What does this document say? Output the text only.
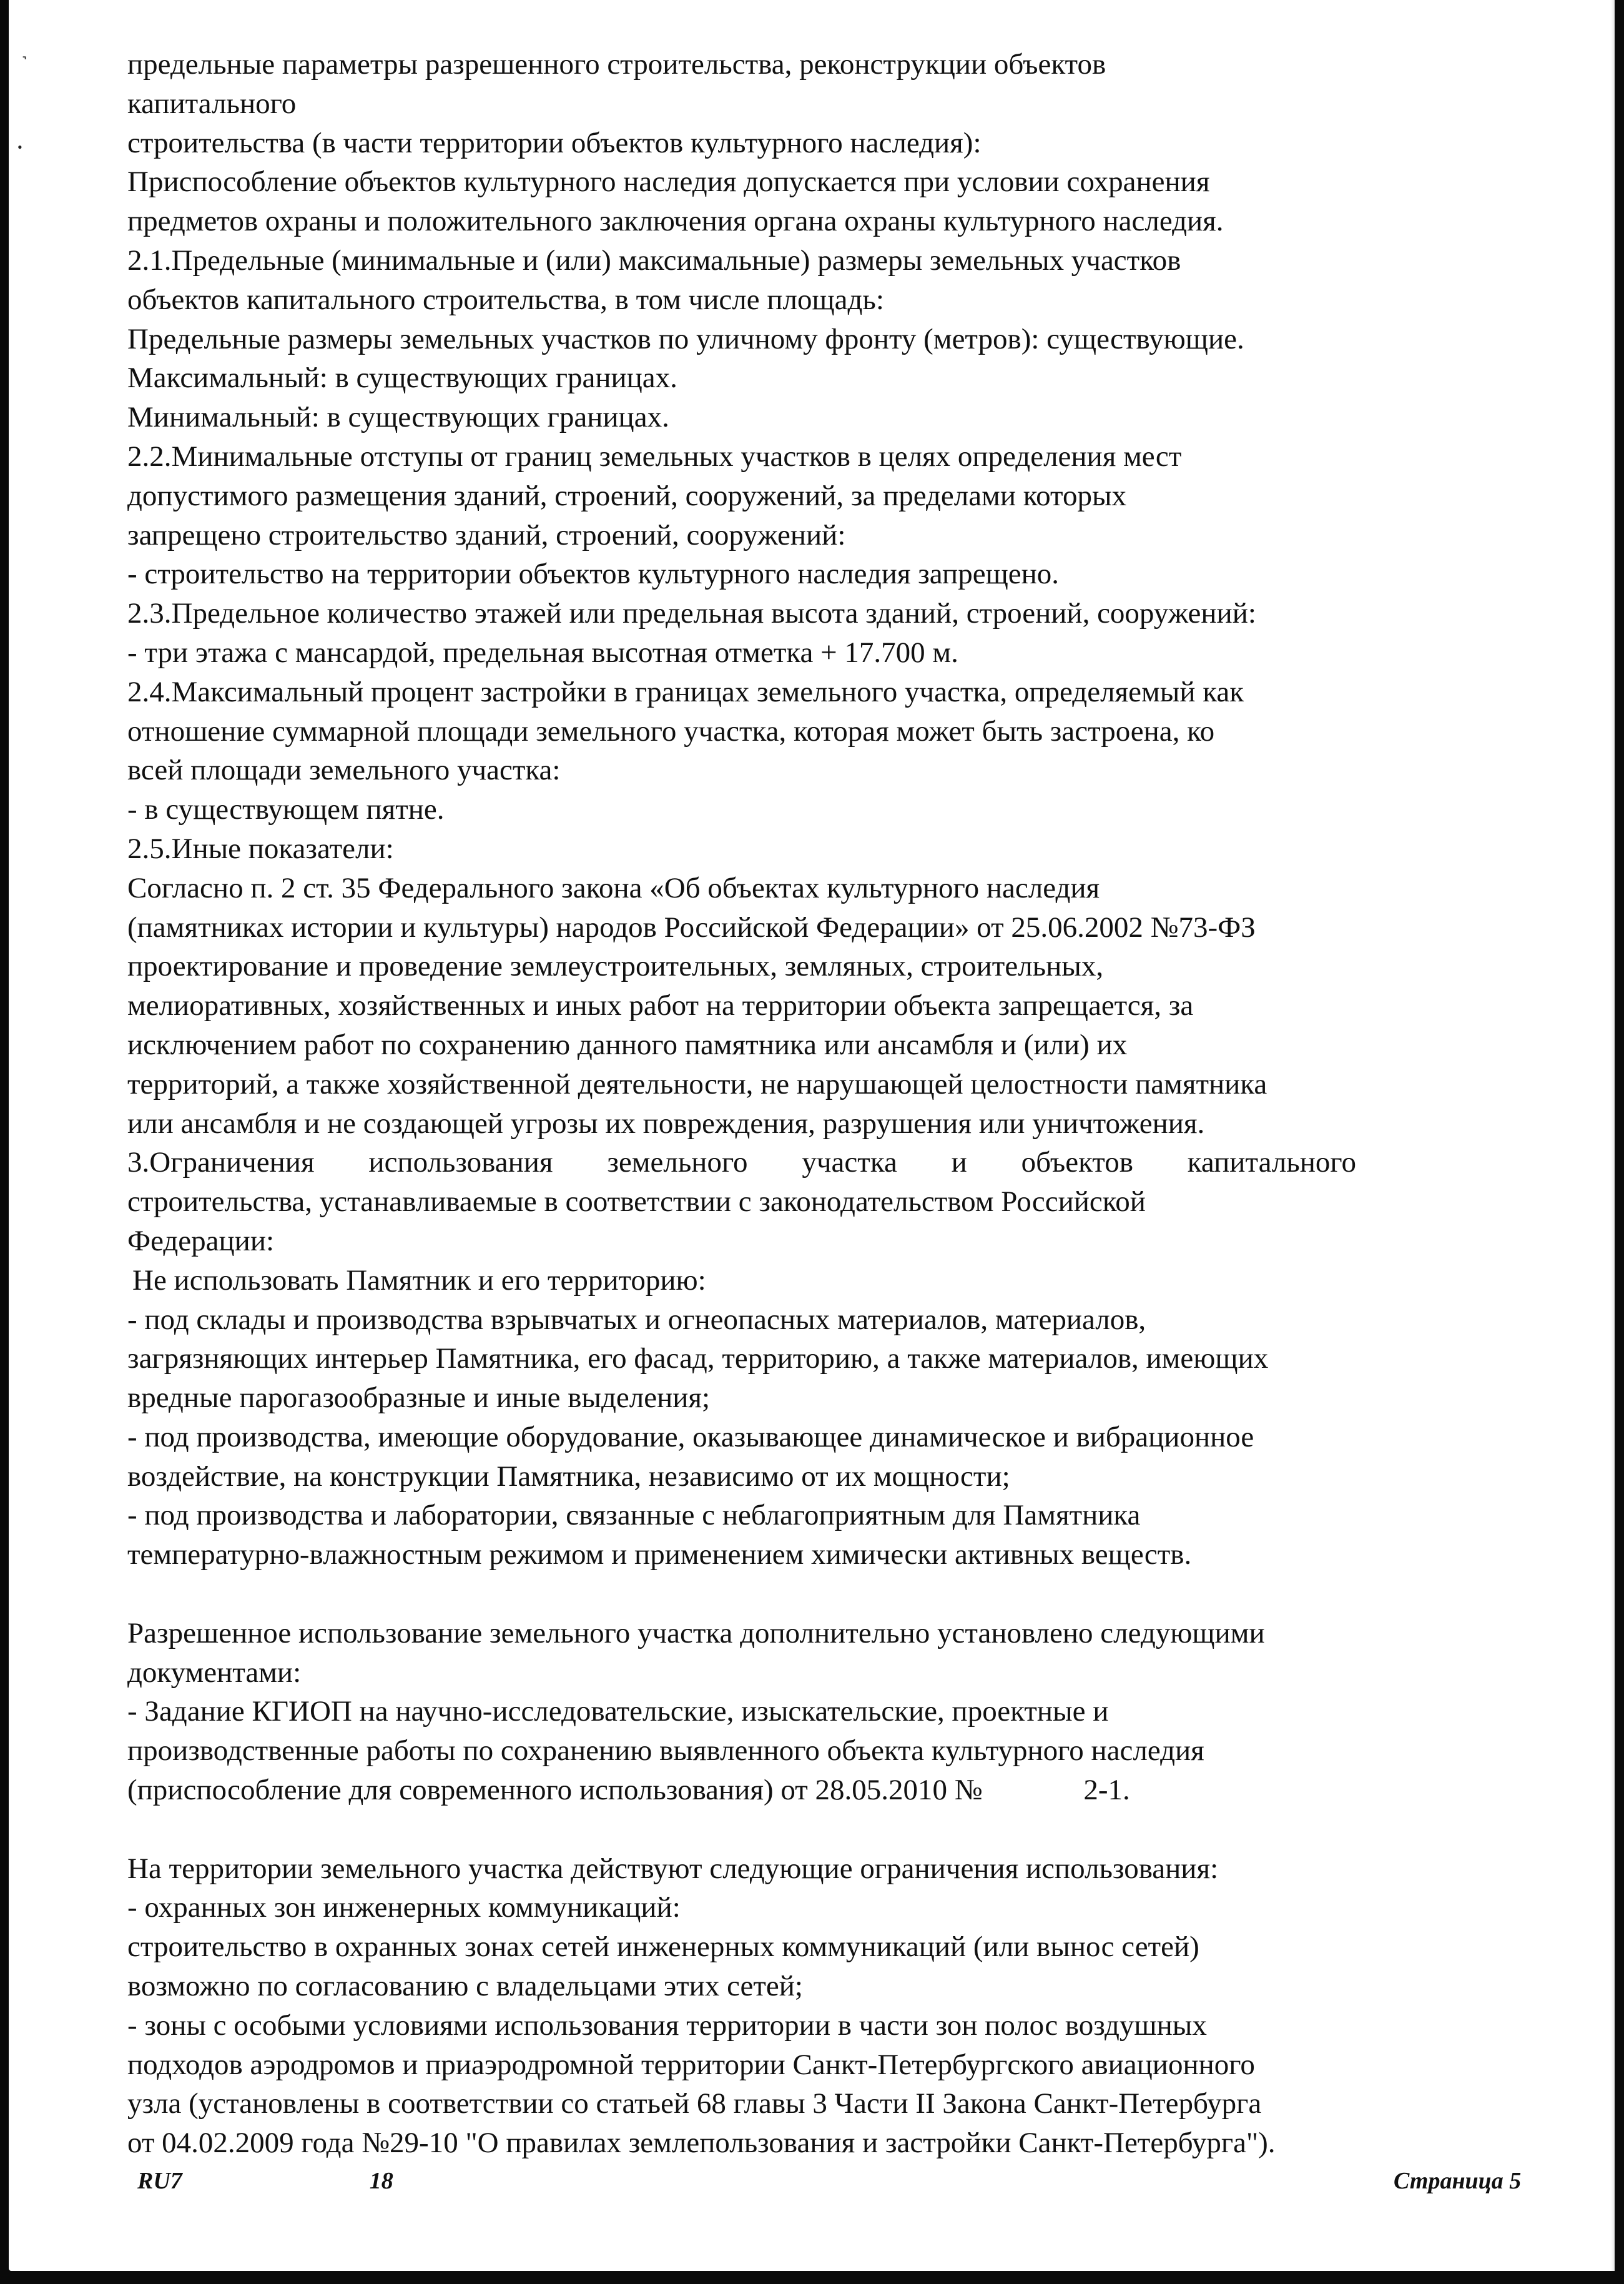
˺
•
предельные параметры разрешенного строительства, реконструкции объектов
капитального
строительства (в части территории объектов культурного наследия):
Приспособление объектов культурного наследия допускается при условии сохранения
предметов охраны и положительного заключения органа охраны культурного наследия.
2.1.Предельные (минимальные и (или) максимальные) размеры земельных участков
объектов капитального строительства, в том числе площадь:
Предельные размеры земельных участков по уличному фронту (метров): существующие.
Максимальный: в существующих границах.
Минимальный: в существующих границах.
2.2.Минимальные отступы от границ земельных участков в целях определения мест
допустимого размещения зданий, строений, сооружений, за пределами которых
запрещено строительство зданий, строений, сооружений:
- строительство на территории объектов культурного наследия запрещено.
2.3.Предельное количество этажей или предельная высота зданий, строений, сооружений:
- три этажа с мансардой, предельная высотная отметка + 17.700 м.
2.4.Максимальный процент застройки в границах земельного участка, определяемый как
отношение суммарной площади земельного участка, которая может быть застроена, ко
всей площади земельного участка:
- в существующем пятне.
2.5.Иные показатели:
Согласно п. 2 ст. 35 Федерального закона «Об объектах культурного наследия
(памятниках истории и культуры) народов Российской Федерации» от 25.06.2002 №73-ФЗ
проектирование и проведение землеустроительных, земляных, строительных,
мелиоративных, хозяйственных и иных работ на территории объекта запрещается, за
исключением работ по сохранению данного памятника или ансамбля и (или) их
территорий, а также хозяйственной деятельности, не нарушающей целостности памятника
или ансамбля и не создающей угрозы их повреждения, разрушения или уничтожения.
3.Ограничения использования земельного участка и объектов капитального
строительства, устанавливаемые в соответствии с законодательством Российской
Федерации:
Не использовать Памятник и его территорию:
- под склады и производства взрывчатых и огнеопасных материалов, материалов,
загрязняющих интерьер Памятника, его фасад, территорию, а также материалов, имеющих
вредные парогазообразные и иные выделения;
- под производства, имеющие оборудование, оказывающее динамическое и вибрационное
воздействие, на конструкции Памятника, независимо от их мощности;
- под производства и лаборатории, связанные с неблагоприятным для Памятника
температурно-влажностным режимом и применением химически активных веществ.
Разрешенное использование земельного участка дополнительно установлено следующими
документами:
- Задание КГИОП на научно-исследовательские, изыскательские, проектные и
производственные работы по сохранению выявленного объекта культурного наследия
(приспособление для современного использования) от 28.05.2010 №	2-1.
На территории земельного участка действуют следующие ограничения использования:
- охранных зон инженерных коммуникаций:
строительство в охранных зонах сетей инженерных коммуникаций (или вынос сетей)
возможно по согласованию с владельцами этих сетей;
- зоны с особыми условиями использования территории в части зон полос воздушных
подходов аэродромов и приаэродромной территории Санкт-Петербургского авиационного
узла (установлены в соответствии со статьей 68 главы 3 Части II Закона Санкт-Петербурга
от 04.02.2009 года №29-10 "О правилах землепользования и застройки Санкт-Петербурга").
RU7	18	Страница 5
